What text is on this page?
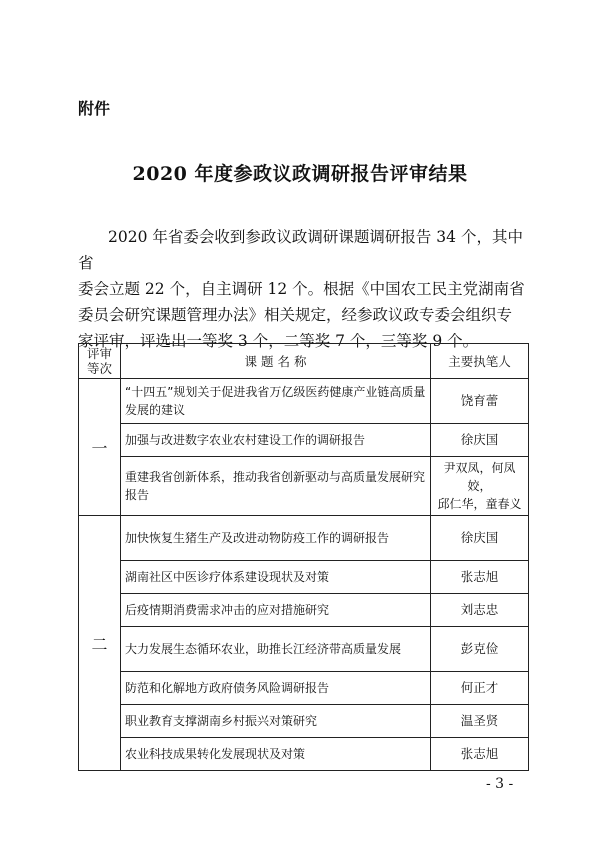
附件
2020 年度参政议政调研报告评审结果
2020 年省委会收到参政议政调研课题调研报告 34 个，其中省
委会立题 22 个，自主调研 12 个。根据《中国农工民主党湖南省
委员会研究课题管理办法》相关规定，经参政议政专委会组织专
家评审，评选出一等奖 3 个，二等奖 7 个，三等奖 9 个。
评审
等次	课 题 名 称	主要执笔人
一	“十四五”规划关于促进我省万亿级医药健康产业链高质量发展的建议	饶育蕾
	加强与改进数字农业农村建设工作的调研报告	徐庆国
	重建我省创新体系，推动我省创新驱动与高质量发展研究报告	尹双凤，何凤姣，
邱仁华，童春义
二	加快恢复生猪生产及改进动物防疫工作的调研报告	徐庆国
	湖南社区中医诊疗体系建设现状及对策	张志旭
	后疫情期消费需求冲击的应对措施研究	刘志忠
	大力发展生态循环农业，助推长江经济带高质量发展	彭克俭
	防范和化解地方政府债务风险调研报告	何正才
	职业教育支撑湖南乡村振兴对策研究	温圣贤
	农业科技成果转化发展现状及对策	张志旭
- 3 -
